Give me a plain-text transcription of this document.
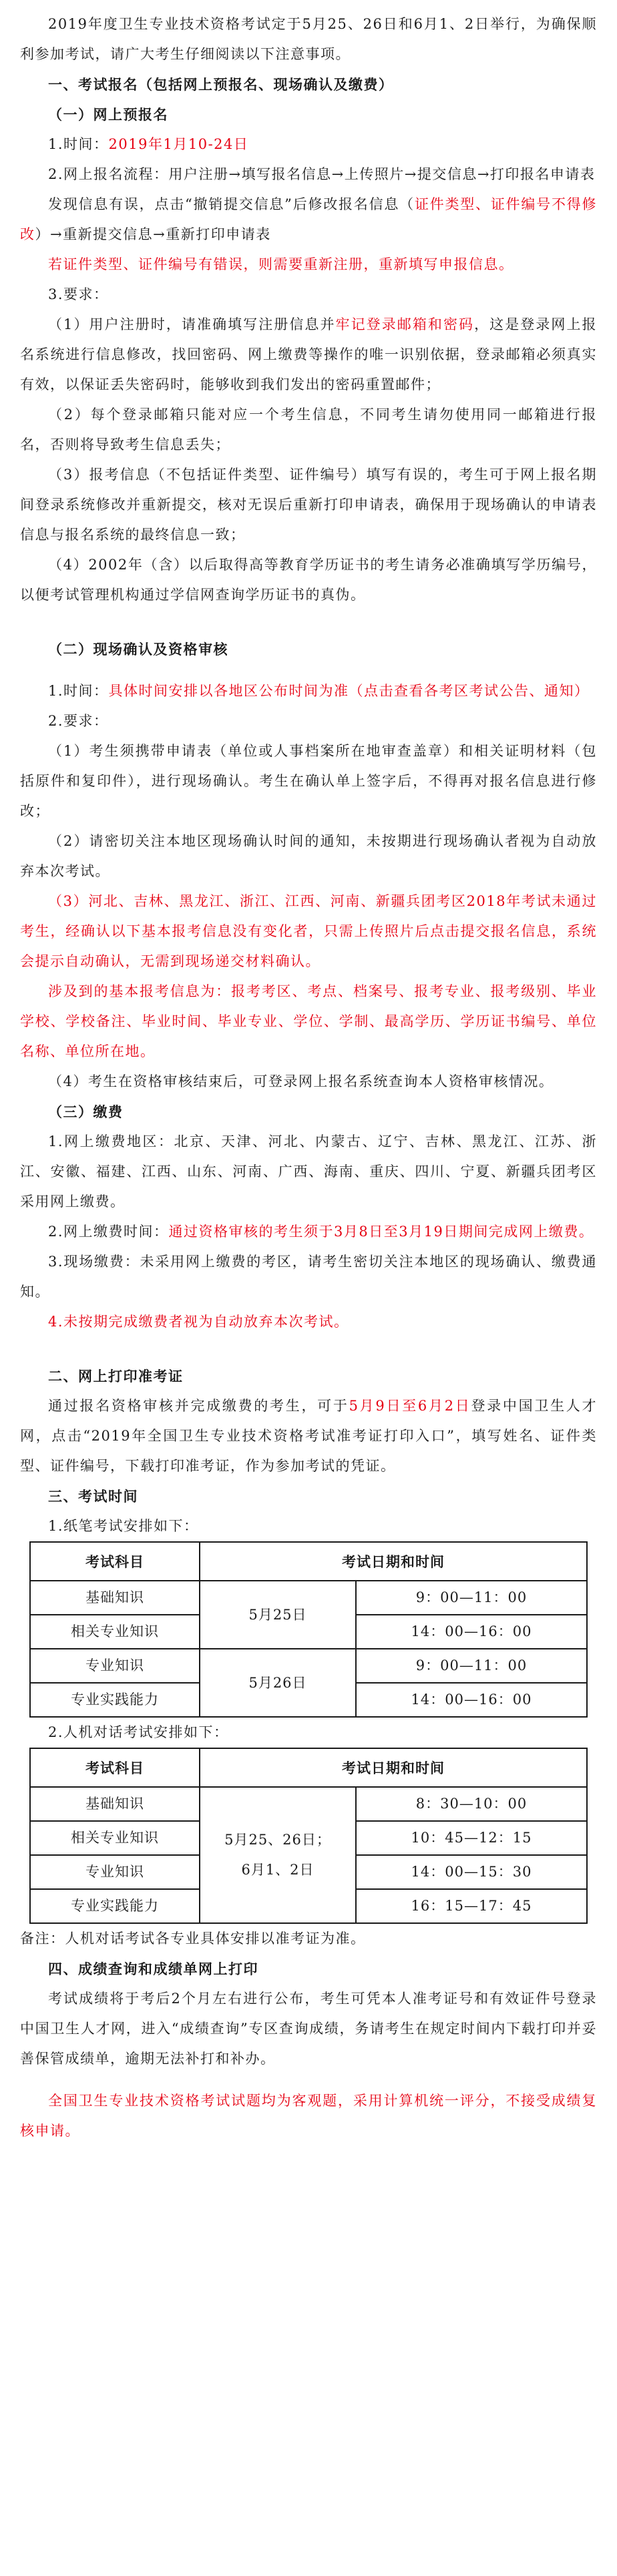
2019年度卫生专业技术资格考试定于5月25、26日和6月1、2日举行，为确保顺利参加考试，请广大考生仔细阅读以下注意事项。

一、考试报名（包括网上预报名、现场确认及缴费）

（一）网上预报名

1.时间：2019年1月10-24日

2.网上报名流程：用户注册→填写报名信息→上传照片→提交信息→打印报名申请表

发现信息有误，点击“撤销提交信息”后修改报名信息（证件类型、证件编号不得修改）→重新提交信息→重新打印申请表

若证件类型、证件编号有错误，则需要重新注册，重新填写申报信息。

3.要求：

（1）用户注册时，请准确填写注册信息并牢记登录邮箱和密码，这是登录网上报名系统进行信息修改，找回密码、网上缴费等操作的唯一识别依据，登录邮箱必须真实有效，以保证丢失密码时，能够收到我们发出的密码重置邮件；

（2）每个登录邮箱只能对应一个考生信息，不同考生请勿使用同一邮箱进行报名，否则将导致考生信息丢失；

（3）报考信息（不包括证件类型、证件编号）填写有误的，考生可于网上报名期间登录系统修改并重新提交，核对无误后重新打印申请表，确保用于现场确认的申请表信息与报名系统的最终信息一致；

（4）2002年（含）以后取得高等教育学历证书的考生请务必准确填写学历编号，以便考试管理机构通过学信网查询学历证书的真伪。

（二）现场确认及资格审核

1.时间：具体时间安排以各地区公布时间为准（点击查看各考区考试公告、通知）

2.要求：

（1）考生须携带申请表（单位或人事档案所在地审查盖章）和相关证明材料（包括原件和复印件），进行现场确认。考生在确认单上签字后，不得再对报名信息进行修改；

（2）请密切关注本地区现场确认时间的通知，未按期进行现场确认者视为自动放弃本次考试。

（3）河北、吉林、黑龙江、浙江、江西、河南、新疆兵团考区2018年考试未通过考生，经确认以下基本报考信息没有变化者，只需上传照片后点击提交报名信息，系统会提示自动确认，无需到现场递交材料确认。

涉及到的基本报考信息为：报考考区、考点、档案号、报考专业、报考级别、毕业学校、学校备注、毕业时间、毕业专业、学位、学制、最高学历、学历证书编号、单位名称、单位所在地。

（4）考生在资格审核结束后，可登录网上报名系统查询本人资格审核情况。

（三）缴费

1.网上缴费地区：北京、天津、河北、内蒙古、辽宁、吉林、黑龙江、江苏、浙江、安徽、福建、江西、山东、河南、广西、海南、重庆、四川、宁夏、新疆兵团考区采用网上缴费。

2.网上缴费时间：通过资格审核的考生须于3月8日至3月19日期间完成网上缴费。

3.现场缴费：未采用网上缴费的考区，请考生密切关注本地区的现场确认、缴费通知。

4.未按期完成缴费者视为自动放弃本次考试。

二、网上打印准考证

通过报名资格审核并完成缴费的考生，可于5月9日至6月2日登录中国卫生人才网，点击“2019年全国卫生专业技术资格考试准考证打印入口”，填写姓名、证件类型、证件编号，下载打印准考证，作为参加考试的凭证。

三、考试时间

1.纸笔考试安排如下：

考试科目	考试日期和时间	
基础知识	5月25日	9：00—11：00
相关专业知识		14：00—16：00
专业知识	5月26日	9：00—11：00
专业实践能力		14：00—16：00

2.人机对话考试安排如下：

考试科目	考试日期和时间	
基础知识	5月25、26日；
6月1、2日	8：30—10：00
相关专业知识		10：45—12：15
专业知识		14：00—15：30
专业实践能力		16：15—17：45

备注：人机对话考试各专业具体安排以准考证为准。

四、成绩查询和成绩单网上打印

考试成绩将于考后2个月左右进行公布，考生可凭本人准考证号和有效证件号登录中国卫生人才网，进入“成绩查询”专区查询成绩，务请考生在规定时间内下载打印并妥善保管成绩单，逾期无法补打和补办。

全国卫生专业技术资格考试试题均为客观题，采用计算机统一评分，不接受成绩复核申请。
